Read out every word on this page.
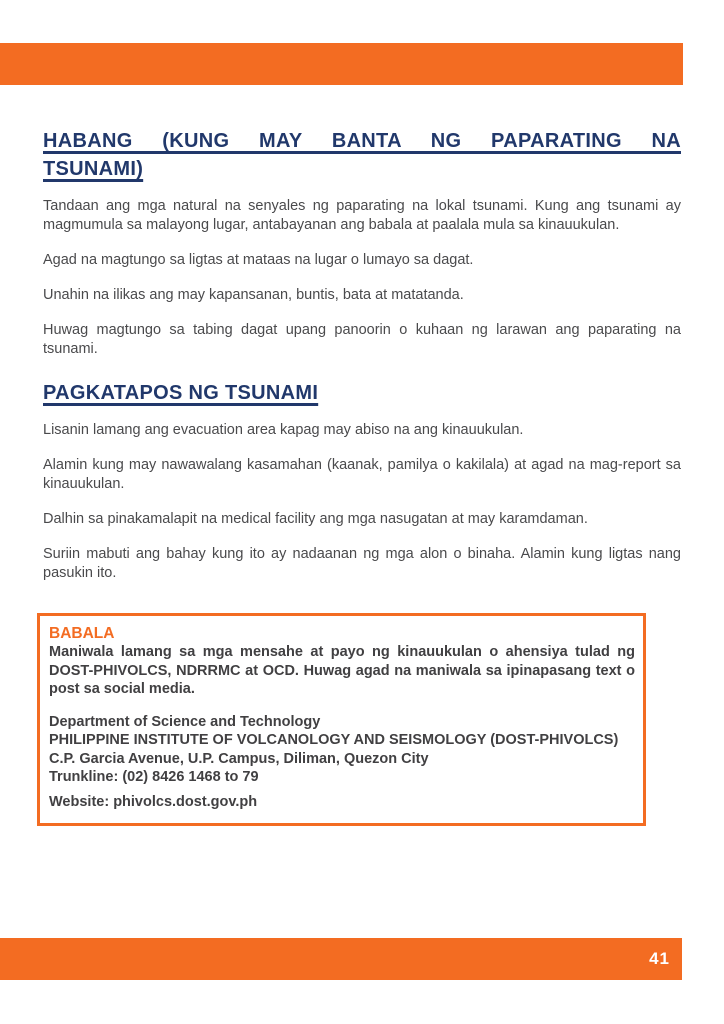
HABANG (KUNG MAY BANTA NG PAPARATING NA
TSUNAMI)

Tandaan ang mga natural na senyales ng paparating na lokal tsunami. Kung ang tsunami ay magmumula sa malayong lugar, antabayanan ang babala at paalala mula sa kinauukulan.

Agad na magtungo sa ligtas at mataas na lugar o lumayo sa dagat.

Unahin na ilikas ang may kapansanan, buntis, bata at matatanda.

Huwag magtungo sa tabing dagat upang panoorin o kuhaan ng larawan ang paparating na tsunami.

PAGKATAPOS NG TSUNAMI

Lisanin lamang ang evacuation area kapag may abiso na ang kinauukulan.

Alamin kung may nawawalang kasamahan (kaanak, pamilya o kakilala) at agad na mag-report sa kinauukulan.

Dalhin sa pinakamalapit na medical facility ang mga nasugatan at may karamdaman.

Suriin mabuti ang bahay kung ito ay nadaanan ng mga alon o binaha. Alamin kung ligtas nang pasukin ito.

BABALA

Maniwala lamang sa mga mensahe at payo ng kinauukulan o ahensiya tulad ng DOST-PHIVOLCS, NDRRMC at OCD. Huwag agad na maniwala sa ipinapasang text o post sa social media.

Department of Science and Technology
PHILIPPINE INSTITUTE OF VOLCANOLOGY AND SEISMOLOGY (DOST-PHIVOLCS)
C.P. Garcia Avenue, U.P. Campus, Diliman, Quezon City
Trunkline: (02) 8426 1468 to 79
Website: phivolcs.dost.gov.ph
41
